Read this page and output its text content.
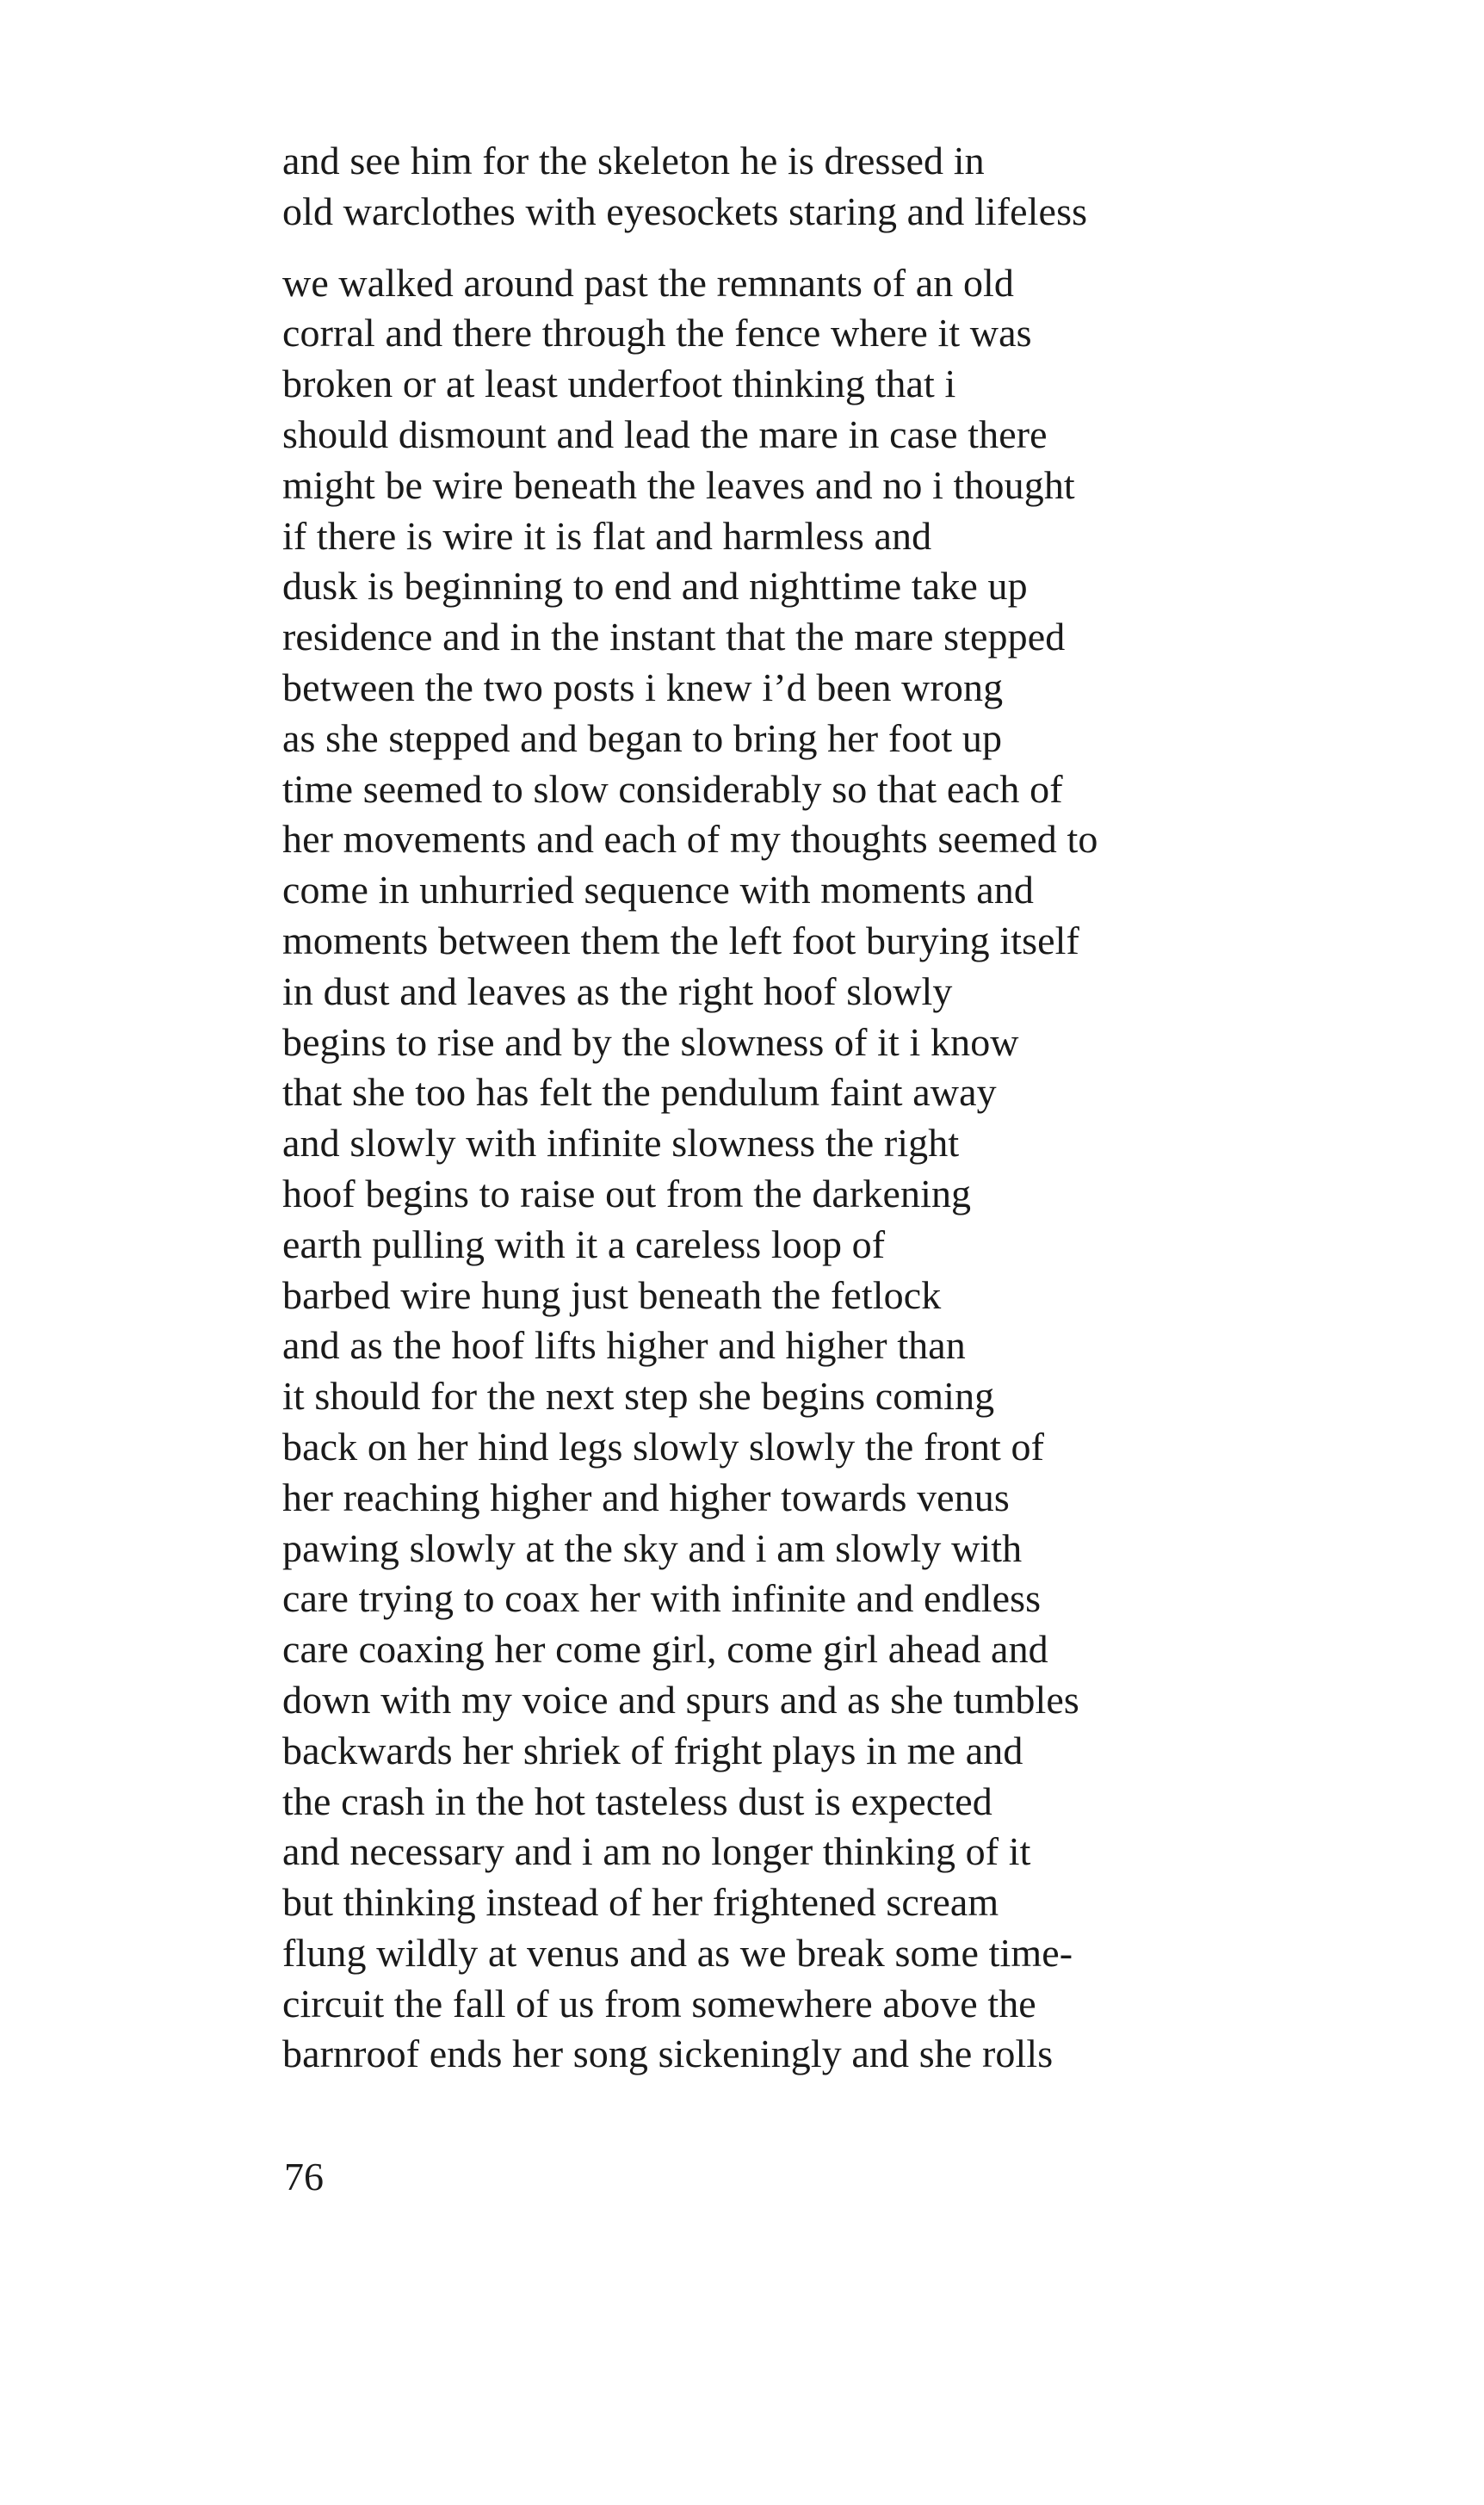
and see him for the skeleton he is dressed in
old warclothes with eyesockets staring and lifeless
we walked around past the remnants of an old
corral and there through the fence where it was
broken or at least underfoot thinking that i
should dismount and lead the mare in case there
might be wire beneath the leaves and no i thought
if there is wire it is flat and harmless and
dusk is beginning to end and nighttime take up
residence and in the instant that the mare stepped
between the two posts i knew i’d been wrong
as she stepped and began to bring her foot up
time seemed to slow considerably so that each of
her movements and each of my thoughts seemed to
come in unhurried sequence with moments and
moments between them the left foot burying itself
in dust and leaves as the right hoof slowly
begins to rise and by the slowness of it i know
that she too has felt the pendulum faint away
and slowly with infinite slowness the right
hoof begins to raise out from the darkening
earth pulling with it a careless loop of
barbed wire hung just beneath the fetlock
and as the hoof lifts higher and higher than
it should for the next step she begins coming
back on her hind legs slowly slowly the front of
her reaching higher and higher towards venus
pawing slowly at the sky and i am slowly with
care trying to coax her with infinite and endless
care coaxing her come girl, come girl ahead and
down with my voice and spurs and as she tumbles
backwards her shriek of fright plays in me and
the crash in the hot tasteless dust is expected
and necessary and i am no longer thinking of it
but thinking instead of her frightened scream
flung wildly at venus and as we break some time-
circuit the fall of us from somewhere above the
barnroof ends her song sickeningly and she rolls
76
